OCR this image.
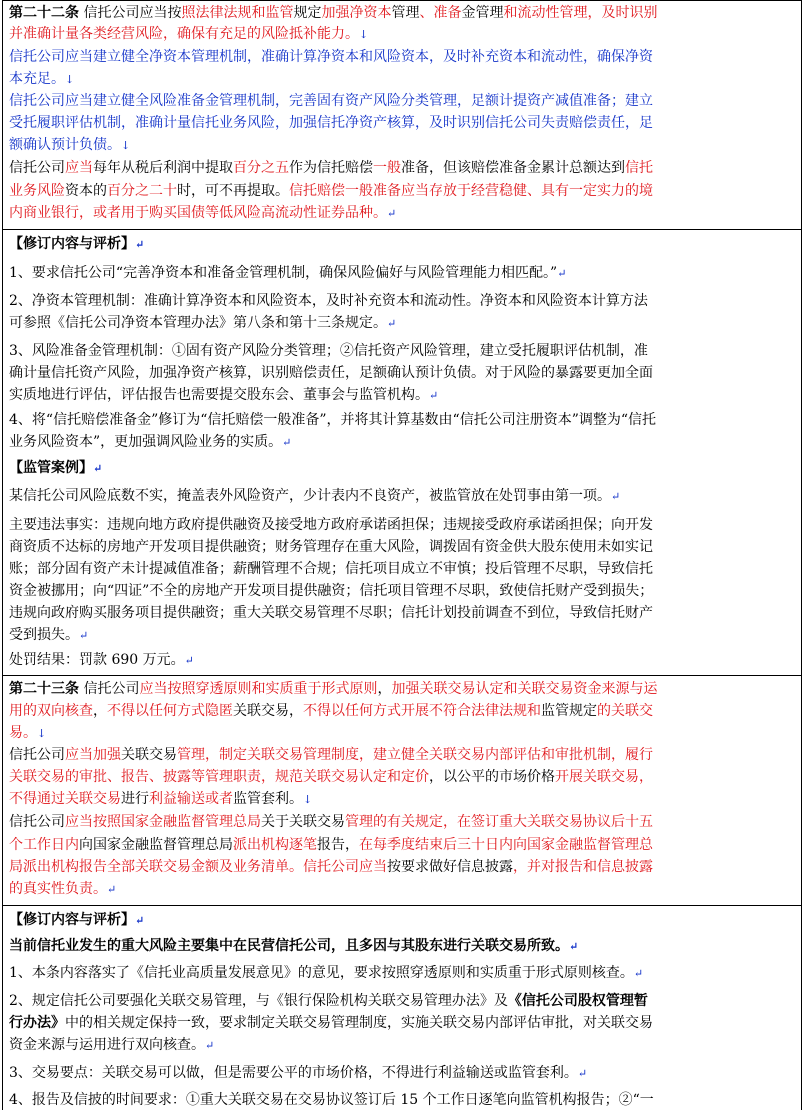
第二十二条 信托公司应当按照法律法规和监管规定加强净资本管理、准备金管理和流动性管理，及时识别

并准确计量各类经营风险，确保有充足的风险抵补能力。↓

信托公司应当建立健全净资本管理机制，准确计算净资本和风险资本，及时补充资本和流动性，确保净资

本充足。↓

信托公司应当建立健全风险准备金管理机制，完善固有资产风险分类管理，足额计提资产减值准备；建立

受托履职评估机制，准确计量信托业务风险，加强信托净资产核算，及时识别信托公司失责赔偿责任，足

额确认预计负债。↓

信托公司应当每年从税后利润中提取百分之五作为信托赔偿一般准备，但该赔偿准备金累计总额达到信托

业务风险资本的百分之二十时，可不再提取。信托赔偿一般准备应当存放于经营稳健、具有一定实力的境

内商业银行，或者用于购买国债等低风险高流动性证券品种。↵

【修订内容与评析】↵

1、要求信托公司“完善净资本和准备金管理机制，确保风险偏好与风险管理能力相匹配。”↵

2、净资本管理机制：准确计算净资本和风险资本，及时补充资本和流动性。净资本和风险资本计算方法

可参照《信托公司净资本管理办法》第八条和第十三条规定。↵

3、风险准备金管理机制：①固有资产风险分类管理；②信托资产风险管理，建立受托履职评估机制，准

确计量信托资产风险，加强净资产核算，识别赔偿责任，足额确认预计负债。对于风险的暴露要更加全面

实质地进行评估，评估报告也需要提交股东会、董事会与监管机构。↵

4、将“信托赔偿准备金”修订为“信托赔偿一般准备”，并将其计算基数由“信托公司注册资本”调整为“信托

业务风险资本”，更加强调风险业务的实质。↵

【监管案例】↵

某信托公司风险底数不实，掩盖表外风险资产，少计表内不良资产，被监管放在处罚事由第一项。↵

主要违法事实：违规向地方政府提供融资及接受地方政府承诺函担保；违规接受政府承诺函担保；向开发

商资质不达标的房地产开发项目提供融资；财务管理存在重大风险，调拨固有资金供大股东使用未如实记

账；部分固有资产未计提减值准备；薪酬管理不合规；信托项目成立不审慎；投后管理不尽职，导致信托

资金被挪用；向“四证”不全的房地产开发项目提供融资；信托项目管理不尽职，致使信托财产受到损失；

违规向政府购买服务项目提供融资；重大关联交易管理不尽职；信托计划投前调查不到位，导致信托财产

受到损失。↵

处罚结果：罚款 690 万元。↵

第二十三条 信托公司应当按照穿透原则和实质重于形式原则，加强关联交易认定和关联交易资金来源与运

用的双向核查，不得以任何方式隐匿关联交易，不得以任何方式开展不符合法律法规和监管规定的关联交

易。↓

信托公司应当加强关联交易管理，制定关联交易管理制度，建立健全关联交易内部评估和审批机制，履行

关联交易的审批、报告、披露等管理职责，规范关联交易认定和定价，以公平的市场价格开展关联交易，

不得通过关联交易进行利益输送或者监管套利。↓

信托公司应当按照国家金融监督管理总局关于关联交易管理的有关规定，在签订重大关联交易协议后十五

个工作日内向国家金融监督管理总局派出机构逐笔报告，在每季度结束后三十日内向国家金融监督管理总

局派出机构报告全部关联交易金额及业务清单。信托公司应当按要求做好信息披露，并对报告和信息披露

的真实性负责。↵

【修订内容与评析】↵

当前信托业发生的重大风险主要集中在民营信托公司，且多因与其股东进行关联交易所致。↵

1、本条内容落实了《信托业高质量发展意见》的意见，要求按照穿透原则和实质重于形式原则核查。↵

2、规定信托公司要强化关联交易管理，与《银行保险机构关联交易管理办法》及《信托公司股权管理暂

行办法》中的相关规定保持一致，要求制定关联交易管理制度，实施关联交易内部评估审批，对关联交易

资金来源与运用进行双向核查。↵

3、交易要点：关联交易可以做，但是需要公平的市场价格，不得进行利益输送或监管套利。↵

4、报告及信披的时间要求：①重大关联交易在交易协议签订后 15 个工作日逐笔向监管机构报告；②“一
